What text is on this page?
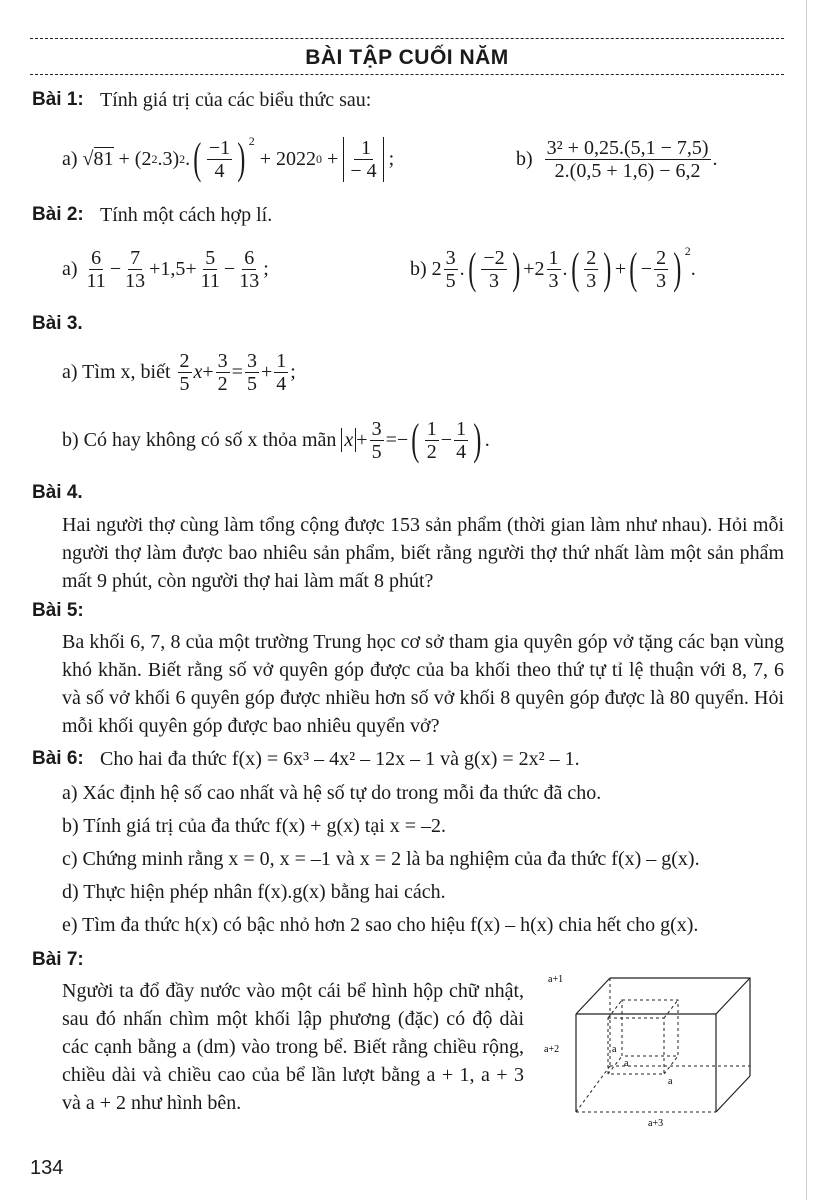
BÀI TẬP CUỐI NĂM
Bài 1: Tính giá trị của các biểu thức sau:
a)
√81 + (2 2 .3) 2 . ( −1
4 ) $^2$
+ $2022_0 + \frac{1}{- 4}$ ;	b)
$\frac{\text{3² + 0,25.(5,1 − 7,5)}}{2.(0,5 + 1,6) - 6,2}$ .
Bài 2: Tính một cách hợp lí.
a)

6
11
−
7
13
+1,5+
5
11
−
6
13
;	b) 2
3
5
. ( −2
3 ) +2
1
3
. ( 2
3 ) + ( −
2
3 ) $^2$
.
Bài 3.
a) Tìm x, biết

2
5
x +
3
2
=
3
5
+
1
4
;
b) Có hay không có số x thỏa mãn
x +
3
5
=− ( 1
2
−
1
4 ) .
Bài 4.
Hai người thợ cùng làm tổng cộng được 153 sản phẩm (thời gian làm như nhau). Hỏi mỗi người thợ làm được bao nhiêu sản phẩm, biết rằng người thợ thứ nhất làm một sản phẩm mất 9 phút, còn người thợ hai làm mất 8 phút?
Bài 5:
Ba khối 6, 7, 8 của một trường Trung học cơ sở tham gia quyên góp vở tặng các bạn vùng khó khăn. Biết rằng số vở quyên góp được của ba khối theo thứ tự tỉ lệ thuận với 8, 7, 6 và số vở khối 6 quyên góp được nhiều hơn số vở khối 8 quyên góp được là 80 quyển. Hỏi mỗi khối quyên góp được bao nhiêu quyển vở?
Bài 6: Cho hai đa thức f(x) = 6x³ – 4x² – 12x – 1 và g(x) = 2x² – 1.
a) Xác định hệ số cao nhất và hệ số tự do trong mỗi đa thức đã cho.
b) Tính giá trị của đa thức f(x) + g(x) tại x = –2.
c) Chứng minh rằng x = 0, x = –1 và x = 2 là ba nghiệm của đa thức f(x) – g(x).
d) Thực hiện phép nhân f(x).g(x) bằng hai cách.
e) Tìm đa thức h(x) có bậc nhỏ hơn 2 sao cho hiệu f(x) – h(x) chia hết cho g(x).
Bài 7:
Người ta đổ đầy nước vào một cái bể hình hộp chữ nhật, sau đó nhấn chìm một khối lập phương (đặc) có độ dài các cạnh bằng a (dm) vào trong bể. Biết rằng chiều rộng, chiều dài và chiều cao của bể lần lượt bằng a + 1, a + 3 và a + 2 như hình bên.
a+1
a+2
a+3
a
a
a
134
